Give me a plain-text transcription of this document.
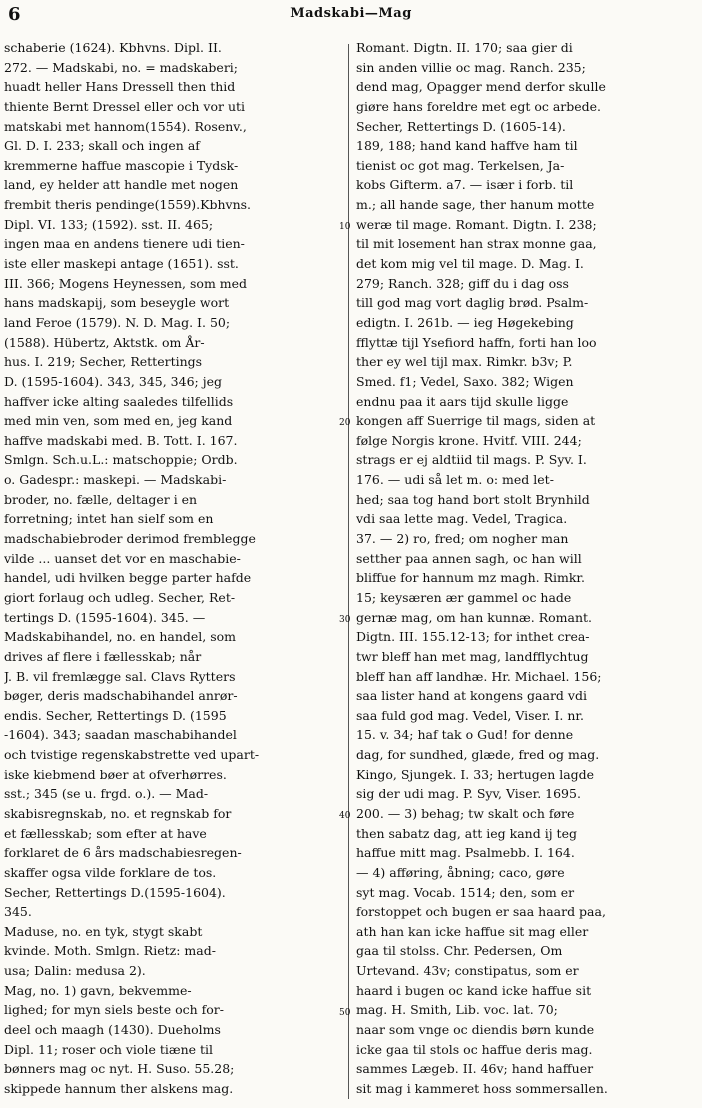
6	Madskabi—Mag
schaberie (1624). Kbhvns. Dipl. II.
272. — Madskabi, no. = madskaberi;
huadt heller Hans Dressell then thid
thiente Bernt Dressel eller och vor uti
matskabi met hannom(1554). Rosenv.,
Gl. D. I. 233; skall och ingen af
kremmerne haffue mascopie i Tydsk-
land, ey helder att handle met nogen
frembit theris pendinge(1559).Kbhvns.
Dipl. VI. 133; (1592). sst. II. 465;
ingen maa en andens tienere udi tien-
iste eller maskepi antage (1651). sst.
III. 366; Mogens Heynessen, som med
hans madskapij, som beseygle wort
land Feroe (1579). N. D. Mag. I. 50;
(1588). Hübertz, Aktstk. om År-
hus. I. 219; Secher, Rettertings
D. (1595-1604). 343, 345, 346; jeg
haffver icke alting saaledes tilfellids
med min ven, som med en, jeg kand
haffve madskabi med. B. Tott. I. 167.
Smlgn. Sch.u.L.: matschoppie; Ordb.
o. Gadespr.: maskepi. — Madskabi-
broder, no. fælle, deltager i en
forretning; intet han sielf som en
madschabiebroder derimod fremblegge
vilde ... uanset det vor en maschabie-
handel, udi hvilken begge parter hafde
giort forlaug och udleg. Secher, Ret-
tertings D. (1595-1604). 345. —
Madskabihandel, no. en handel, som
drives af flere i fællesskab; når
J. B. vil fremlægge sal. Clavs Rytters
bøger, deris madschabihandel anrør-
endis. Secher, Rettertings D. (1595
-1604). 343; saadan maschabihandel
och tvistige regenskabstrette ved upart-
iske kiebmend bøer at ofverhørres.
sst.; 345 (se u. frgd. o.). — Mad-
skabisregnskab, no. et regnskab for
et fællesskab; som efter at have
forklaret de 6 års madschabiesregen-
skaffer ogsa vilde forklare de tos.
Secher, Rettertings D.(1595-1604).
345.
Maduse, no. en tyk, stygt skabt
kvinde. Moth. Smlgn. Rietz: mad-
usa; Dalin: medusa 2).
Mag, no. 1) gavn, bekvemme-
lighed; for myn siels beste och for-
deel och maagh (1430). Dueholms
Dipl. 11; roser och viole tiæne til
bønners mag oc nyt. H. Suso. 55.28;
skippede hannum ther alskens mag.
Romant. Digtn. II. 170; saa gier di
sin anden villie oc mag. Ranch. 235;
dend mag, Opagger mend derfor skulle
giøre hans foreldre met egt oc arbede.
Secher, Rettertings D. (1605-14).
189, 188; hand kand haffve ham til
tienist oc got mag. Terkelsen, Ja-
kobs Gifterm. a7. — især i forb. til
m.; all hande sage, ther hanum motte
weræ til mage. Romant. Digtn. I. 238;
til mit losement han strax monne gaa,
det kom mig vel til mage. D. Mag. I.
279; Ranch. 328; giff du i dag oss
till god mag vort daglig brød. Psalm-
edigtn. I. 261b. — ieg Høgekebing
fflyttæ tijl Ysefiord haffn, forti han loo
ther ey wel tijl max. Rimkr. b3v; P.
Smed. f1; Vedel, Saxo. 382; Wigen
endnu paa it aars tijd skulle ligge
kongen aff Suerrige til mags, siden at
følge Norgis krone. Hvitf. VIII. 244;
strags er ej aldtiid til mags. P. Syv. I.
176. — udi så let m. o: med let-
hed; saa tog hand bort stolt Brynhild
vdi saa lette mag. Vedel, Tragica.
37. — 2) ro, fred; om nogher man
setther paa annen sagh, oc han will
bliffue for hannum mz magh. Rimkr.
15; keysæren ær gammel oc hade
gernæ mag, om han kunnæ. Romant.
Digtn. III. 155.12-13; for inthet crea-
twr bleff han met mag, landfflychtug
bleff han aff landhæ. Hr. Michael. 156;
saa lister hand at kongens gaard vdi
saa fuld god mag. Vedel, Viser. I. nr.
15. v. 34; haf tak o Gud! for denne
dag, for sundhed, glæde, fred og mag.
Kingo, Sjungek. I. 33; hertugen lagde
sig der udi mag. P. Syv, Viser. 1695.
200. — 3) behag; tw skalt och føre
then sabatz dag, att ieg kand ij teg
haffue mitt mag. Psalmebb. I. 164.
— 4) afføring, åbning; caco, gøre
syt mag. Vocab. 1514; den, som er
forstoppet och bugen er saa haard paa,
ath han kan icke haffue sit mag eller
gaa til stolss. Chr. Pedersen, Om
Urtevand. 43v; constipatus, som er
haard i bugen oc kand icke haffue sit
mag. H. Smith, Lib. voc. lat. 70;
naar som vnge oc diendis børn kunde
icke gaa til stols oc haffue deris mag.
sammes Lægeb. II. 46v; hand haffuer
sit mag i kammeret hoss sommersallen.
10
20
30
40
50
